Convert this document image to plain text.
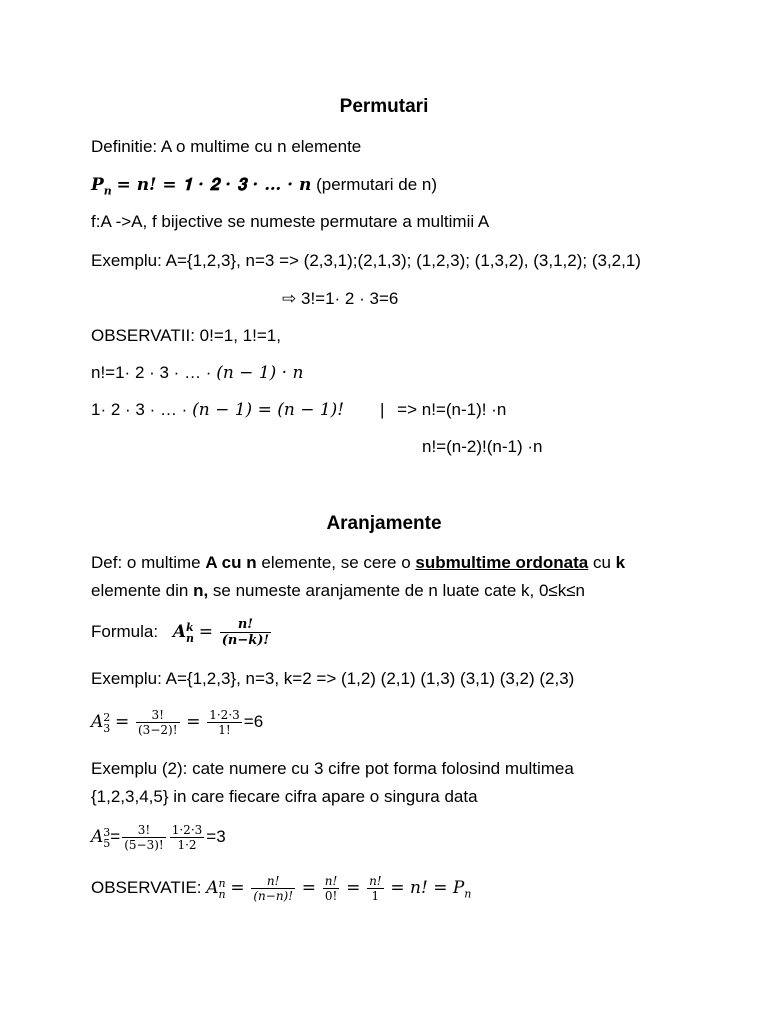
Permutari
Definitie: A o multime cu n elemente
𝑷$_𝒏$ = 𝒏! = 𝟏 · 𝟐 · 𝟑 · … · 𝒏 (permutari de n)
f:A ->A, f bijective se numeste permutare a multimii A
Exemplu: A={1,2,3}, n=3 => (2,3,1);(2,1,3); (1,2,3); (1,3,2), (3,1,2); (3,2,1)
⇨ 3!=1· 2 · 3=6
OBSERVATII: 0!=1, 1!=1,
n!=1· 2 · 3 · … · (𝑛 − 1) · 𝑛
1· 2 · 3 · … · (𝑛 − 1) = (𝑛 − 1)! | => n!=(n-1)! ·n
n!=(n-2)!(n-1) ·n
Aranjamente
Def: o multime A cu n elemente, se cere o submultime ordonata cu k
elemente din n, se numeste aranjamente de n luate cate k, 0≤k≤n
Formula: 𝑨 𝒌
𝒏 = $\frac{\text{𝒏!}}{\text{(𝒏−𝒌)!}}$
Exemplu: A={1,2,3}, n=3, k=2 => (1,2) (2,1) (1,3) (3,1) (3,2) (2,3)
𝐴 2
$3 = \frac{3!}{(3-2)!} = \frac{1\cdot 2\cdot 3}{1!} =6$
Exemplu (2): cate numere cu 3 cifre pot forma folosind multimea
{1,2,3,4,5} in care fiecare cifra apare o singura data
𝐴 3
$5 = \frac{3!}{(5-3)!} \frac{1\cdot 2\cdot 3}{1\cdot 2} =3$
OBSERVATIE: 𝐴 𝑛
𝑛 = $\frac{\text{𝑛!}}{\text{(𝑛−𝑛)!}} = \frac{\text{𝑛!}}{0!} = \frac{\text{𝑛!}}{1}$ = 𝑛! = 𝑃$_𝑛$
